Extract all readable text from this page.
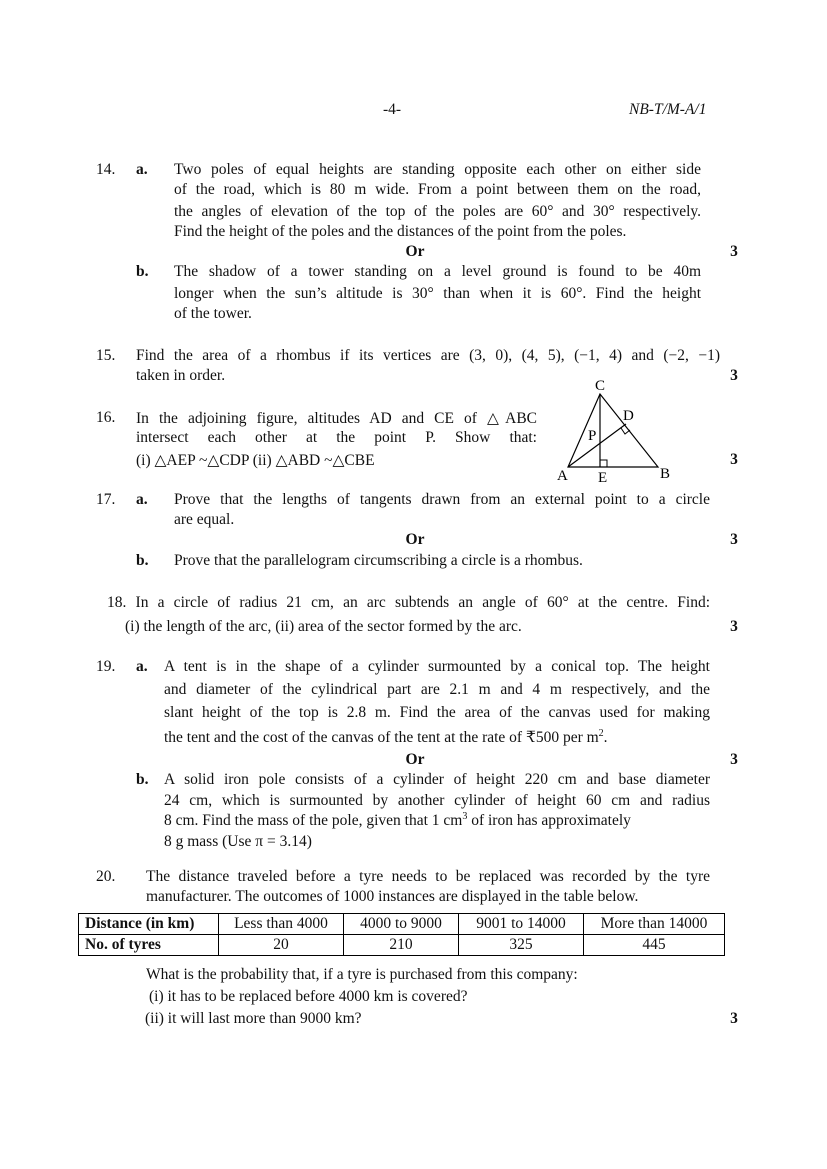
-4-	NB-T/M-A/1
14. a. Two poles of equal heights are standing opposite each other on either side
of the road, which is 80 m wide. From a point between them on the road,
the angles of elevation of the top of the poles are 60° and 30° respectively.
Find the height of the poles and the distances of the point from the poles.
Or	3
b. The shadow of a tower standing on a level ground is found to be 40m
longer when the sun’s altitude is 30° than when it is 60°. Find the height
of the tower.
15. Find the area of a rhombus if its vertices are (3, 0), (4, 5), (−1, 4) and (−2, −1)
taken in order.	3
16. In the adjoining figure, altitudes AD and CE of △ABC
intersect each other at the point P. Show that:
(i) △AEP ~△CDP (ii) △ABD ~△CBE	3
C
D
P
A E	B
17. a. Prove that the lengths of tangents drawn from an external point to a circle
are equal.
Or	3
b. Prove that the parallelogram circumscribing a circle is a rhombus.
18. In a circle of radius 21 cm, an arc subtends an angle of 60° at the centre. Find:
(i) the length of the arc, (ii) area of the sector formed by the arc.	3
19. a. A tent is in the shape of a cylinder surmounted by a conical top. The height
and diameter of the cylindrical part are 2.1 m and 4 m respectively, and the
slant height of the top is 2.8 m. Find the area of the canvas used for making
the tent and the cost of the canvas of the tent at the rate of ₹500 per $m^2$.
Or	3
b. A solid iron pole consists of a cylinder of height 220 cm and base diameter
24 cm, which is surmounted by another cylinder of height 60 cm and radius
8 cm. Find the mass of the pole, given that 1 $cm^3$ of iron has approximately
8 g mass (Use π = 3.14)
20. The distance traveled before a tyre needs to be replaced was recorded by the tyre
manufacturer. The outcomes of 1000 instances are displayed in the table below.
Distance (in km)	Less than 4000	4000 to 9000	9001 to 14000	More than 14000
No. of tyres	20	210	325	445
What is the probability that, if a tyre is purchased from this company:
(i) it has to be replaced before 4000 km is covered?
(ii) it will last more than 9000 km?	3
